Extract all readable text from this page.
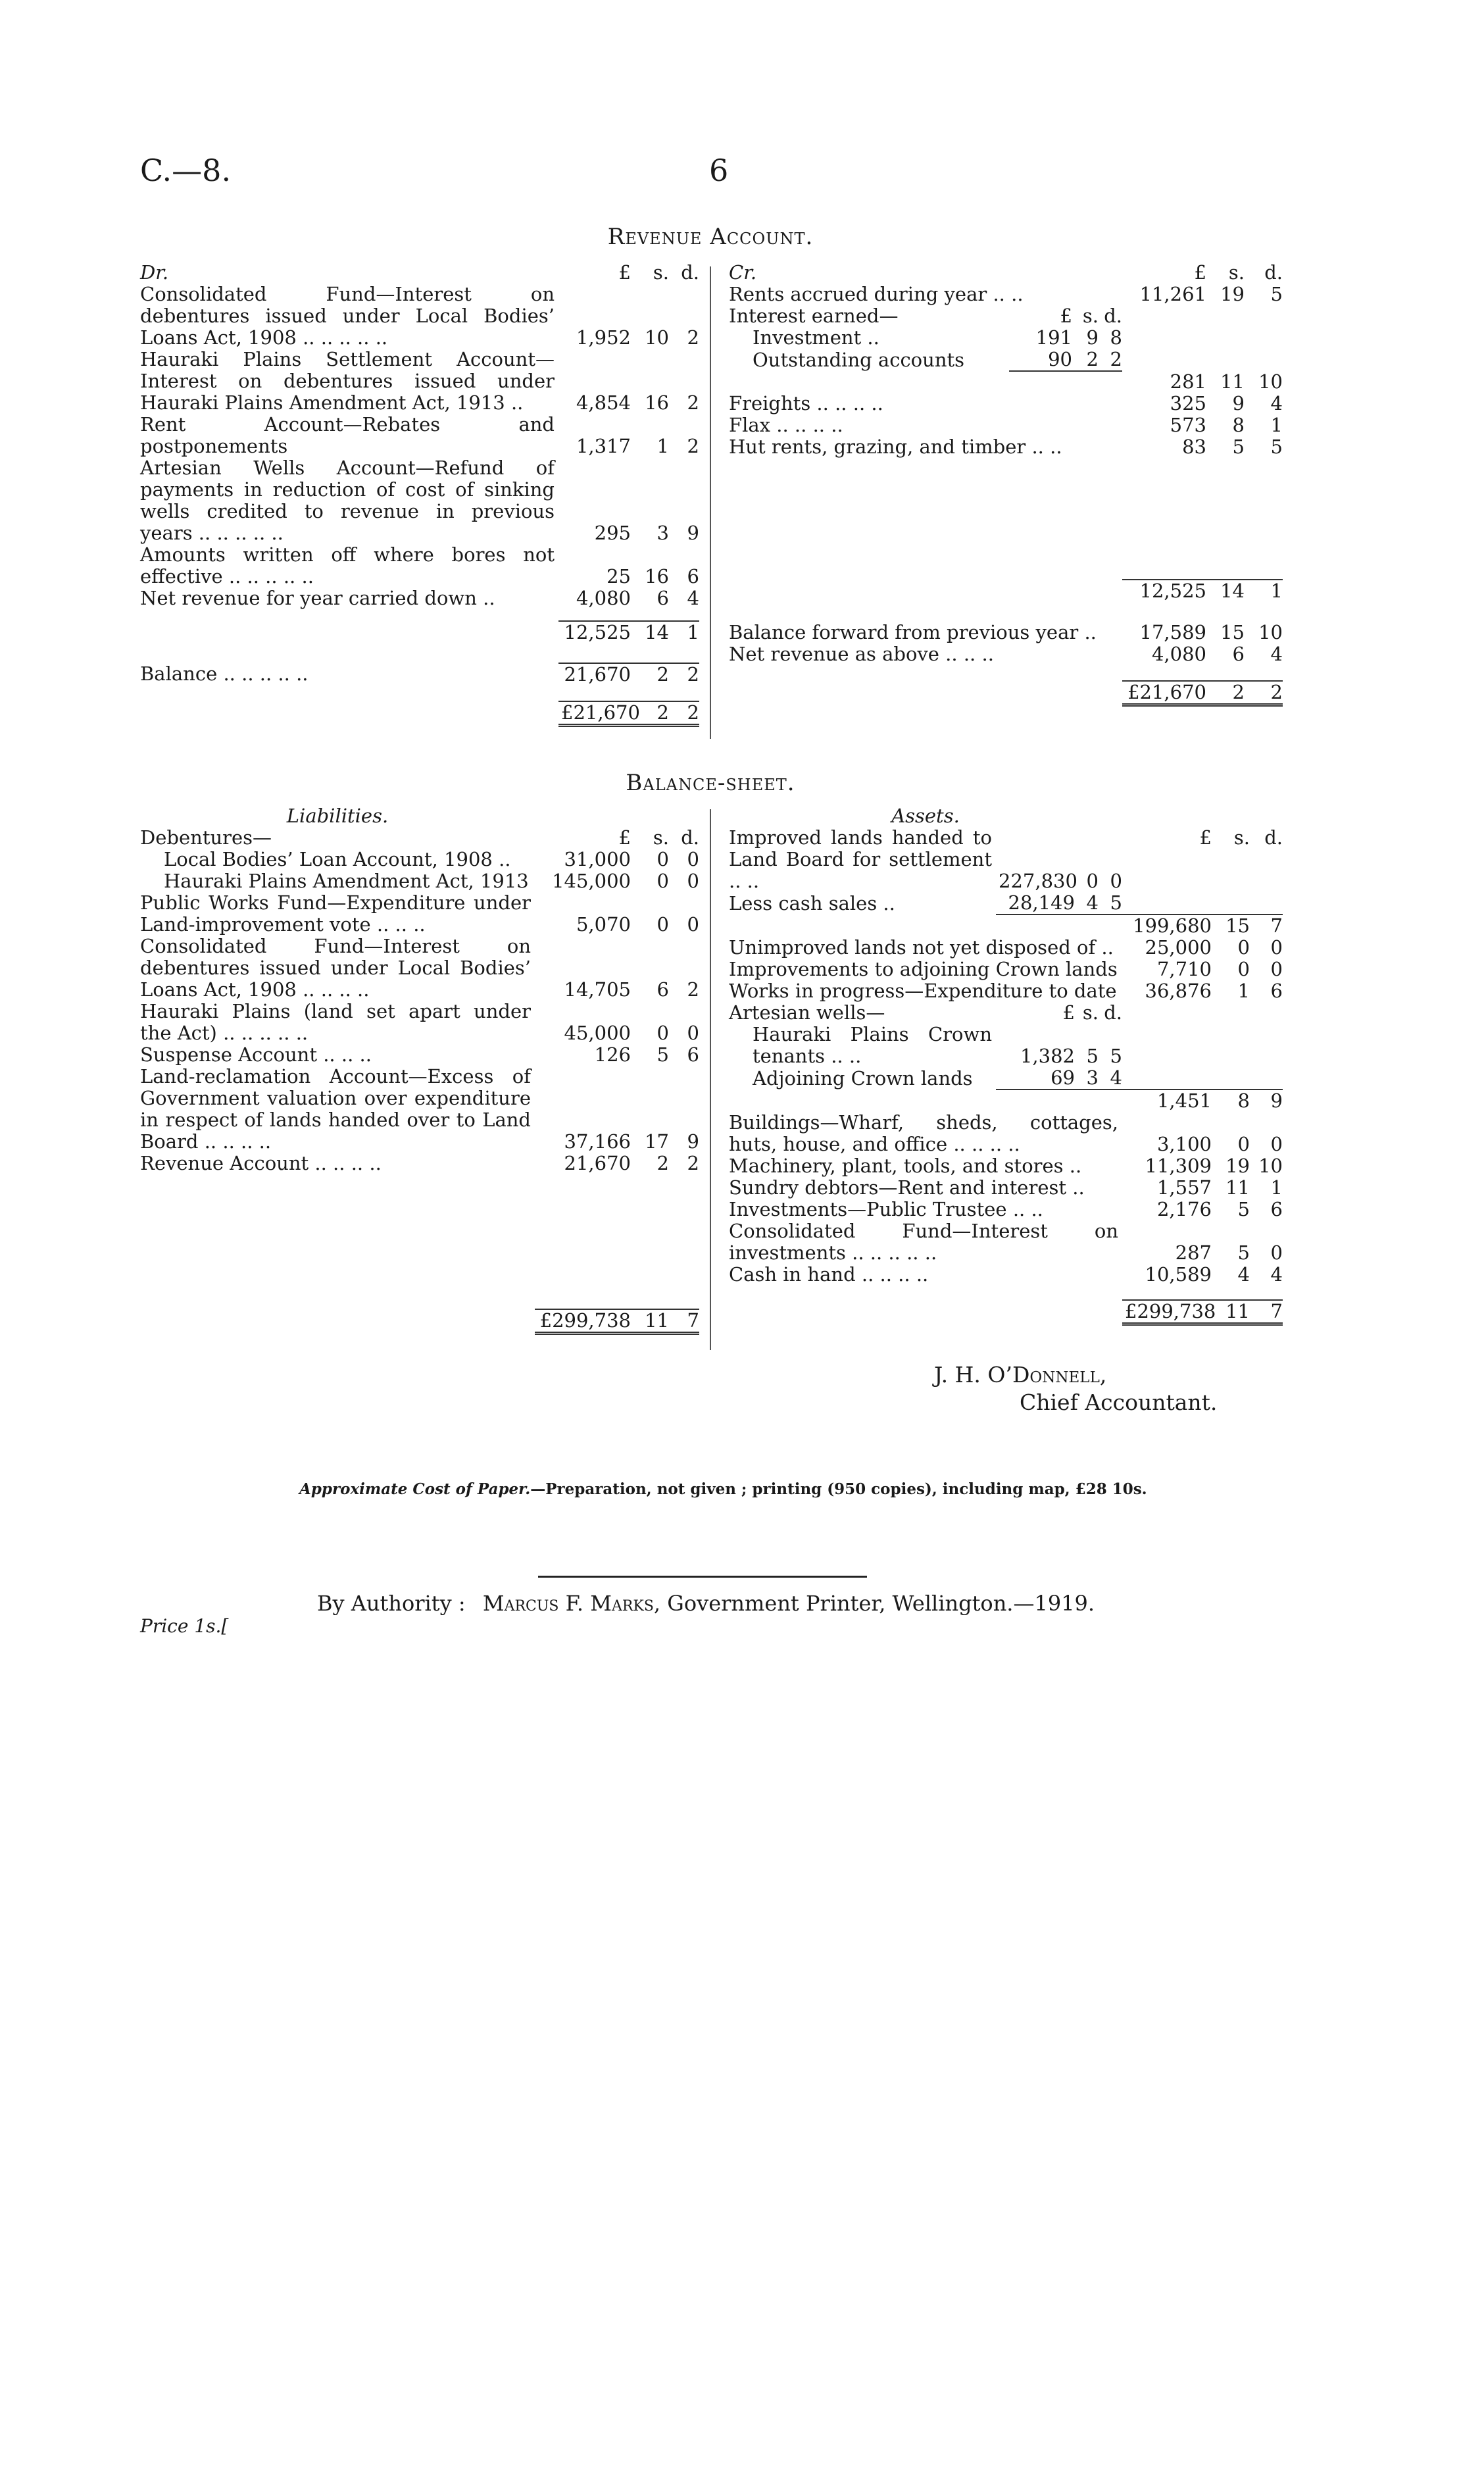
C.—8.	6
Revenue Account.
Dr.	£	s.	d.
Consolidated Fund—Interest on debentures issued under Local Bodies’ Loans Act, 1908 .. .. .. .. ..	1,952	10	2
Hauraki Plains Settlement Account—Interest on debentures issued under Hauraki Plains Amendment Act, 1913 ..	4,854	16	2
Rent Account—Rebates and postponements	1,317	1	2
Artesian Wells Account—Refund of payments in reduction of cost of sinking wells credited to revenue in previous years .. .. .. .. ..	295	3	9
Amounts written off where bores not effective .. .. .. .. ..	25	16	6
Net revenue for year carried down ..	4,080	6	4

	12,525	14	1

Balance .. .. .. .. ..	21,670	2	2

	£21,670	2	2
Cr.				£	s.	d.
Rents accrued during year .. ..				11,261	19	5
Interest earned—	£	s.	d.			
Investment ..	191	9	8			
Outstanding accounts	90	2	2			
				281	11	10
Freights .. .. .. ..				325	9	4
Flax .. .. .. ..				573	8	1
Hut rents, grazing, and timber .. ..				83	5	5

				12,525	14	1

Balance forward from previous year ..				17,589	15	10
Net revenue as above .. .. ..				4,080	6	4

				£21,670	2	2
Balance-sheet.
Liabilities.			
Debentures—	£	s.	d.
Local Bodies’ Loan Account, 1908 ..	31,000	0	0
Hauraki Plains Amendment Act, 1913	145,000	0	0
Public Works Fund—Expenditure under Land-improvement vote .. .. ..	5,070	0	0
Consolidated Fund—Interest on debentures issued under Local Bodies’ Loans Act, 1908 .. .. .. ..	14,705	6	2
Hauraki Plains (land set apart under the Act) .. .. .. .. ..	45,000	0	0
Suspense Account .. .. ..	126	5	6
Land-reclamation Account—Excess of Government valuation over expenditure in respect of lands handed over to Land Board .. .. .. ..	37,166	17	9
Revenue Account .. .. .. ..	21,670	2	2

	£299,738	11	7
Assets.						
Improved lands handed to Land Board for settlement .. ..	227,830	0	0	£	s.	d.
Less cash sales ..	28,149	4	5			
				199,680	15	7
Unimproved lands not yet disposed of ..				25,000	0	0
Improvements to adjoining Crown lands				7,710	0	0
Works in progress—Expenditure to date				36,876	1	6
Artesian wells—	£	s.	d.			
Hauraki Plains Crown tenants .. ..	1,382	5	5			
Adjoining Crown lands	69	3	4			
				1,451	8	9
Buildings—Wharf, sheds, cottages, huts, house, and office .. .. .. ..				3,100	0	0
Machinery, plant, tools, and stores ..				11,309	19	10
Sundry debtors—Rent and interest ..				1,557	11	1
Investments—Public Trustee .. ..				2,176	5	6
Consolidated Fund—Interest on investments .. .. .. .. ..				287	5	0
Cash in hand .. .. .. ..				10,589	4	4

				£299,738	11	7
J. H. O’Donnell,
Chief Accountant.
Approximate Cost of Paper.—Preparation, not given ; printing (950 copies), including map, £28 10s.
By Authority : Marcus F. Marks, Government Printer, Wellington.—1919.
Price 1s.[
